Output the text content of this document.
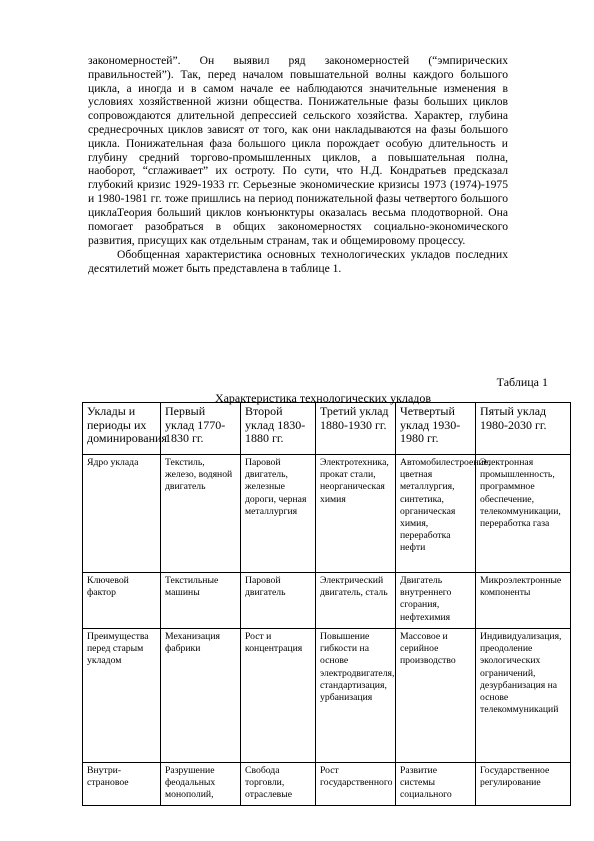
закономерностей”. Он выявил ряд закономерностей (“эмпирических правильностей”). Так, перед началом повышательной волны каждого большого цикла, а иногда и в самом начале ее наблюдаются значительные изменения в условиях хозяйственной жизни общества. Понижательные фазы больших циклов сопровождаются длительной депрессией сельского хозяйства. Характер, глубина среднесрочных циклов зависят от того, как они накладываются на фазы большого цикла. Понижательная фаза большого цикла порождает особую длительность и глубину средний торгово-промышленных циклов, а повышательная полна, наоборот, “сглаживает” их остроту. По сути, что Н.Д. Кондратьев предсказал глубокий кризис 1929-1933 гг. Серьезные экономические кризисы 1973 (1974)-1975 и 1980-1981 гг. тоже пришлись на период понижательной фазы четвертого большого цикла.

Теория больший циклов конъюнктуры оказалась весьма плодотворной. Она помогает разобраться в общих закономерностях социально-экономического развития, присущих как отдельным странам, так и общемировому процессу.

Обобщенная характеристика основных технологических укладов последних десятилетий может быть представлена в таблице 1.

Таблица 1
Характеристика технологических укладов
Уклады и периоды их доминирования	Первый уклад 1770-1830 гг.	Второй уклад 1830-1880 гг.	Третий уклад 1880-1930 гг.	Четвертый уклад 1930-1980 гг.	Пятый уклад 1980-2030 гг.
Ядро уклада	Текстиль, железо, водяной двигатель	Паровой двигатель, железные дороги, черная металлургия	Электротехника, прокат стали, неорганическая химия	Автомобилестроение, цветная металлургия, синтетика, органическая химия, переработка нефти	Электронная промышленность, программное обеспечение, телекоммуникации, переработка газа
Ключевой фактор	Текстильные машины	Паровой двигатель	Электрический двигатель, сталь	Двигатель внутреннего сгорания, нефтехимия	Микроэлектронные компоненты
Преимущества перед старым укладом	Механизация фабрики	Рост и концентрация	Повышение гибкости на основе электродвигателя, стандартизация, урбанизация	Массовое и серийное производство	Индивидуализация, преодоление экологических ограничений, дезурбанизация на основе телекоммуникаций
Внутри-страновое	Разрушение феодальных монополий,	Свобода торговли, отраслевые	Рост государственного	Развитие системы социального	Государственное регулирование
